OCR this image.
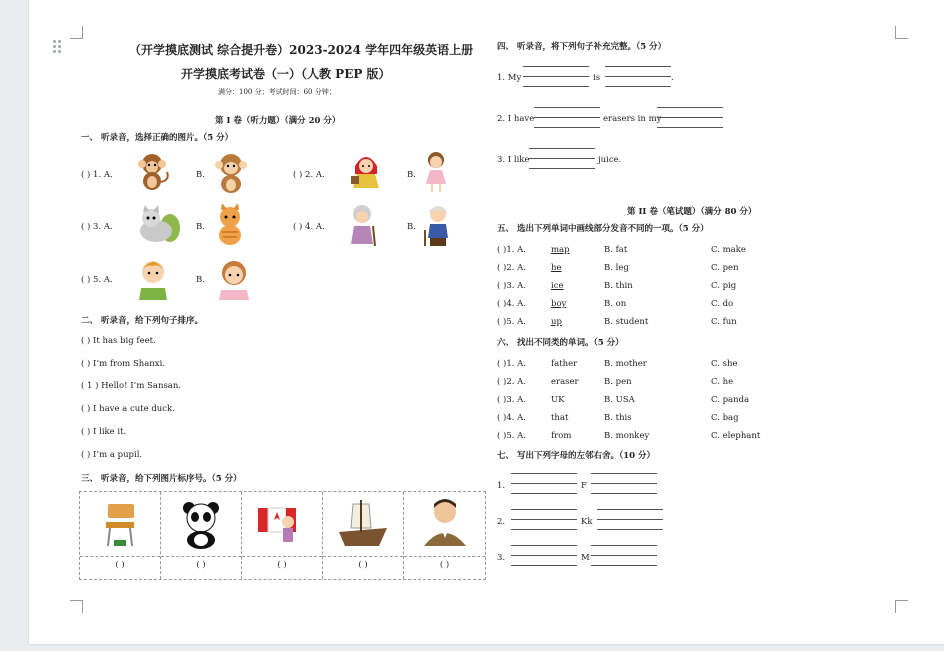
（开学摸底测试 综合提升卷）2023-2024 学年四年级英语上册
开学摸底考试卷（一）（人教 PEP 版）
满分：100 分；考试时间：60 分钟；
第 I 卷（听力题）（满分 20 分）
一、 听录音，选择正确的图片。（5 分）
( ) 1. A.	B.	( ) 2. A.	B.
( ) 3. A.	B.	( ) 4. A.	B.
( ) 5. A.	B.
二、 听录音，给下列句子排序。
( ) It has big feet.
( ) I’m from Shanxi.
( 1 ) Hello! I’m Sansan.
( ) I have a cute duck.
( ) I like it.
( ) I’m a pupil.
三、 听录音，给下列图片标序号。（5 分）
( )	( )	( )	( )	( )
四、 听录音，将下列句子补充完整。（5 分）
1. My	is	.
2. I have	erasers in my
3. I like	juice.
第 II 卷（笔试题）（满分 80 分）
五、 选出下列单词中画线部分发音不同的一项。（5 分）
六、 找出不同类的单词。（5 分）
七、 写出下列字母的左邻右舍。（10 分）
( )1. A.	map	B. fat	C. make
( )2. A.	he	B. leg	C. pen
( )3. A.	ice	B. thin	C. pig
( )4. A.	boy	B. on	C. do
( )5. A.	up	B. student	C. fun
( )1. A.	father	B. mother	C. she
( )2. A.	eraser	B. pen	C. he
( )3. A.	UK	B. USA	C. panda
( )4. A.	that	B. this	C. bag
( )5. A.	from	B. monkey	C. elephant
1.	F
2.	Kk
3.	M
